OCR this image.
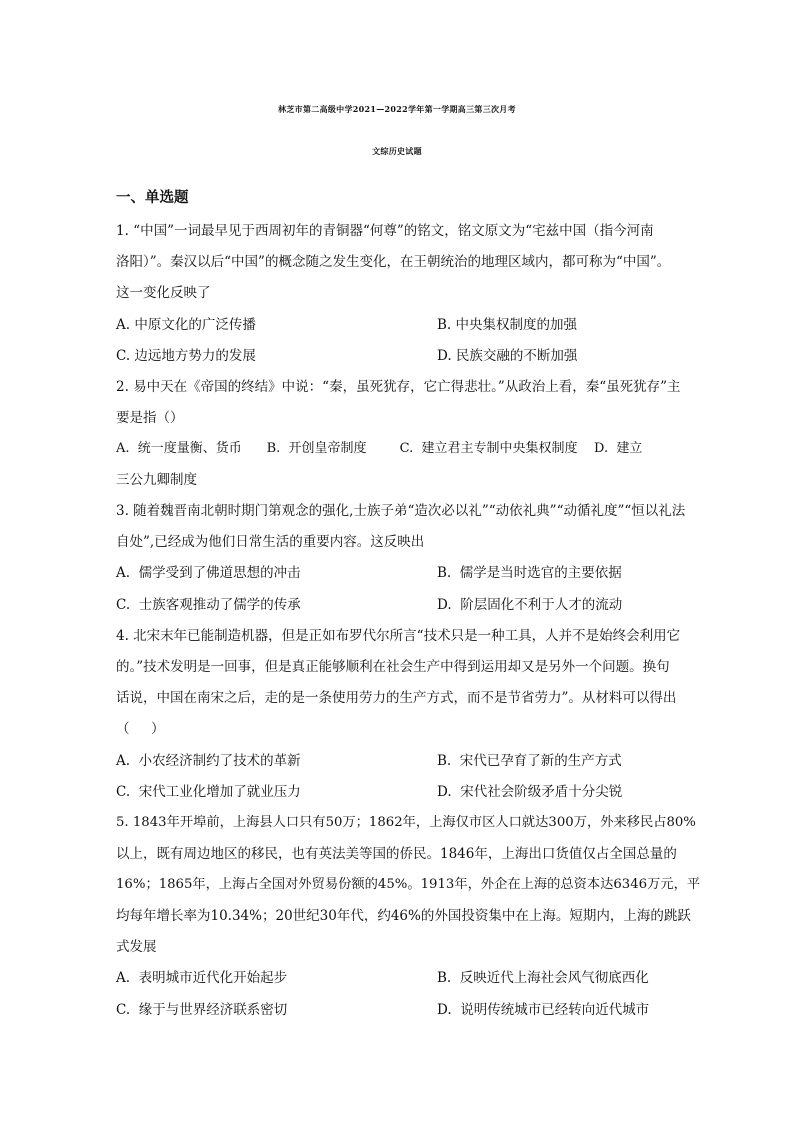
林芝市第二高级中学2021—2022学年第一学期高三第三次月考
文综历史试题
一、单选题
1. “中国”一词最早见于西周初年的青铜器“何尊”的铭文，铭文原文为“宅兹中国（指今河南
洛阳）”。秦汉以后“中国”的概念随之发生变化，在王朝统治的地理区域内，都可称为“中国”。
这一变化反映了
A. 中原文化的广泛传播	B. 中央集权制度的加强
C. 边远地方势力的发展	D. 民族交融的不断加强
2. 易中天在《帝国的终结》中说：“秦，虽死犹存，它亡得悲壮。”从政治上看，秦“虽死犹存”主
要是指（）
A.  统一度量衡、货币      B.  开创皇帝制度        C.  建立君主专制中央集权制度    D.  建立
三公九卿制度
3. 随着魏晋南北朝时期门第观念的强化,士族子弟“造次必以礼”“动依礼典”“动循礼度”“恒以礼法
自处”,已经成为他们日常生活的重要内容。这反映出
A.  儒学受到了佛道思想的冲击	B.  儒学是当时选官的主要依据
C.  士族客观推动了儒学的传承	D.  阶层固化不利于人才的流动
4. 北宋末年已能制造机器，但是正如布罗代尔所言“技术只是一种工具，人并不是始终会利用它
的。”技术发明是一回事，但是真正能够顺利在社会生产中得到运用却又是另外一个问题。换句
话说，中国在南宋之后，走的是一条使用劳力的生产方式，而不是节省劳力”。从材料可以得出
（     ）
A.  小农经济制约了技术的革新	B.  宋代已孕育了新的生产方式
C.  宋代工业化增加了就业压力	D.  宋代社会阶级矛盾十分尖锐
5. 1843年开埠前，上海县人口只有50万；1862年，上海仅市区人口就达300万，外来移民占80%
以上，既有周边地区的移民，也有英法美等国的侨民。1846年，上海出口货值仅占全国总量的
16%；1865年，上海占全国对外贸易份额的45%。1913年，外企在上海的总资本达6346万元，平
均每年增长率为10.34%；20世纪30年代，约46%的外国投资集中在上海。短期内，上海的跳跃
式发展
A.  表明城市近代化开始起步	B.  反映近代上海社会风气彻底西化
C.  缘于与世界经济联系密切	D.  说明传统城市已经转向近代城市
